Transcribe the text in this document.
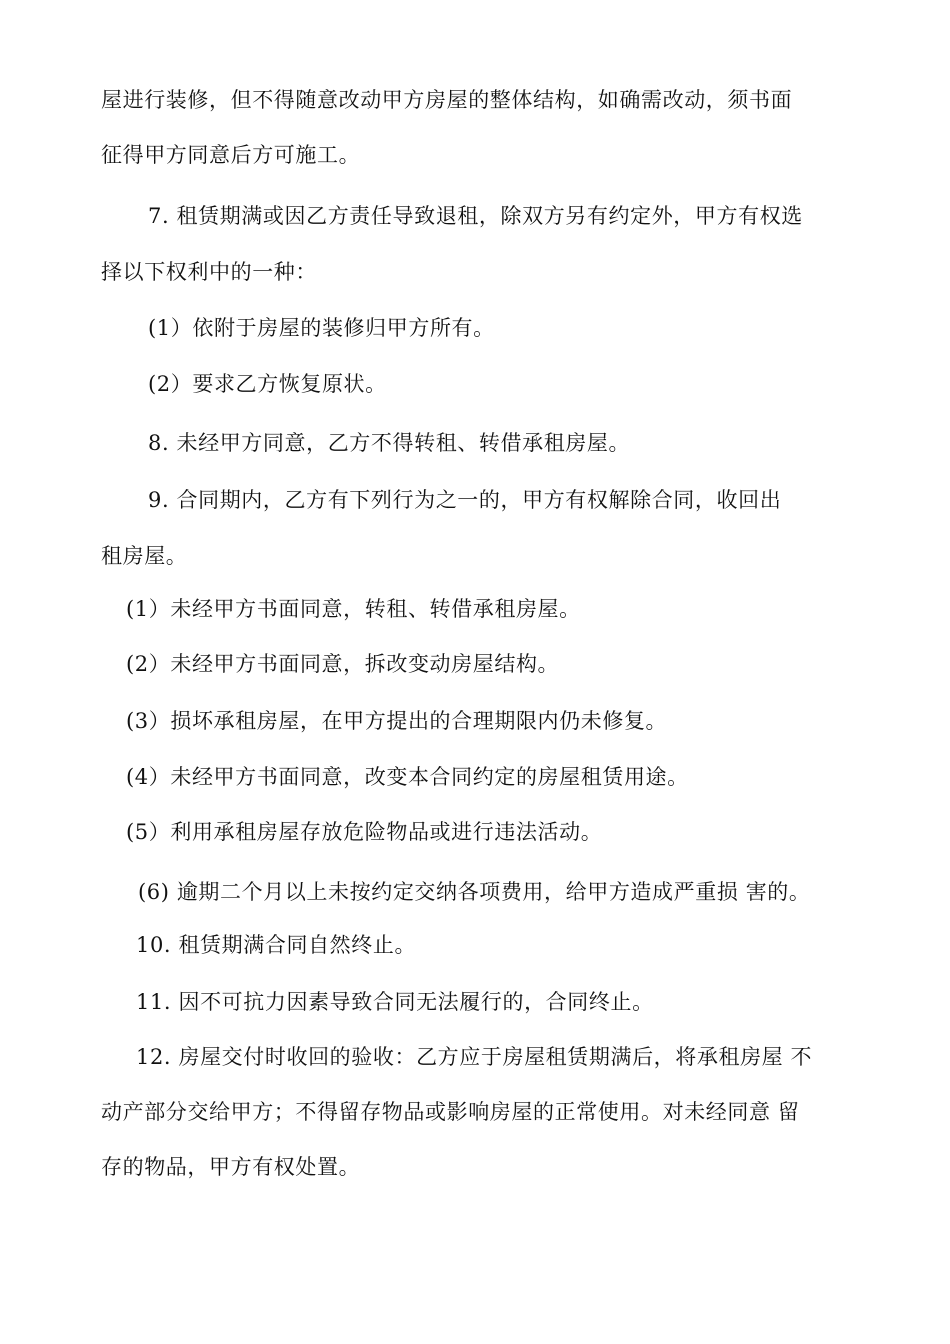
屋进行装修，但不得随意改动甲方房屋的整体结构，如确需改动，须书面
征得甲方同意后方可施工。
7. 租赁期满或因乙方责任导致退租，除双方另有约定外，甲方有权选
择以下权利中的一种：
(1）依附于房屋的装修归甲方所有。
(2）要求乙方恢复原状。
8. 未经甲方同意，乙方不得转租、转借承租房屋。
9. 合同期内，乙方有下列行为之一的，甲方有权解除合同，收回出
租房屋。
(1）未经甲方书面同意，转租、转借承租房屋。
(2）未经甲方书面同意，拆改变动房屋结构。
(3）损坏承租房屋，在甲方提出的合理期限内仍未修复。
(4）未经甲方书面同意，改变本合同约定的房屋租赁用途。
(5）利用承租房屋存放危险物品或进行违法活动。
(6) 逾期二个月以上未按约定交纳各项费用，给甲方造成严重损 害的。
10. 租赁期满合同自然终止。
11. 因不可抗力因素导致合同无法履行的，合同终止。
12. 房屋交付时收回的验收：乙方应于房屋租赁期满后，将承租房屋 不
动产部分交给甲方；不得留存物品或影响房屋的正常使用。对未经同意 留
存的物品，甲方有权处置。
